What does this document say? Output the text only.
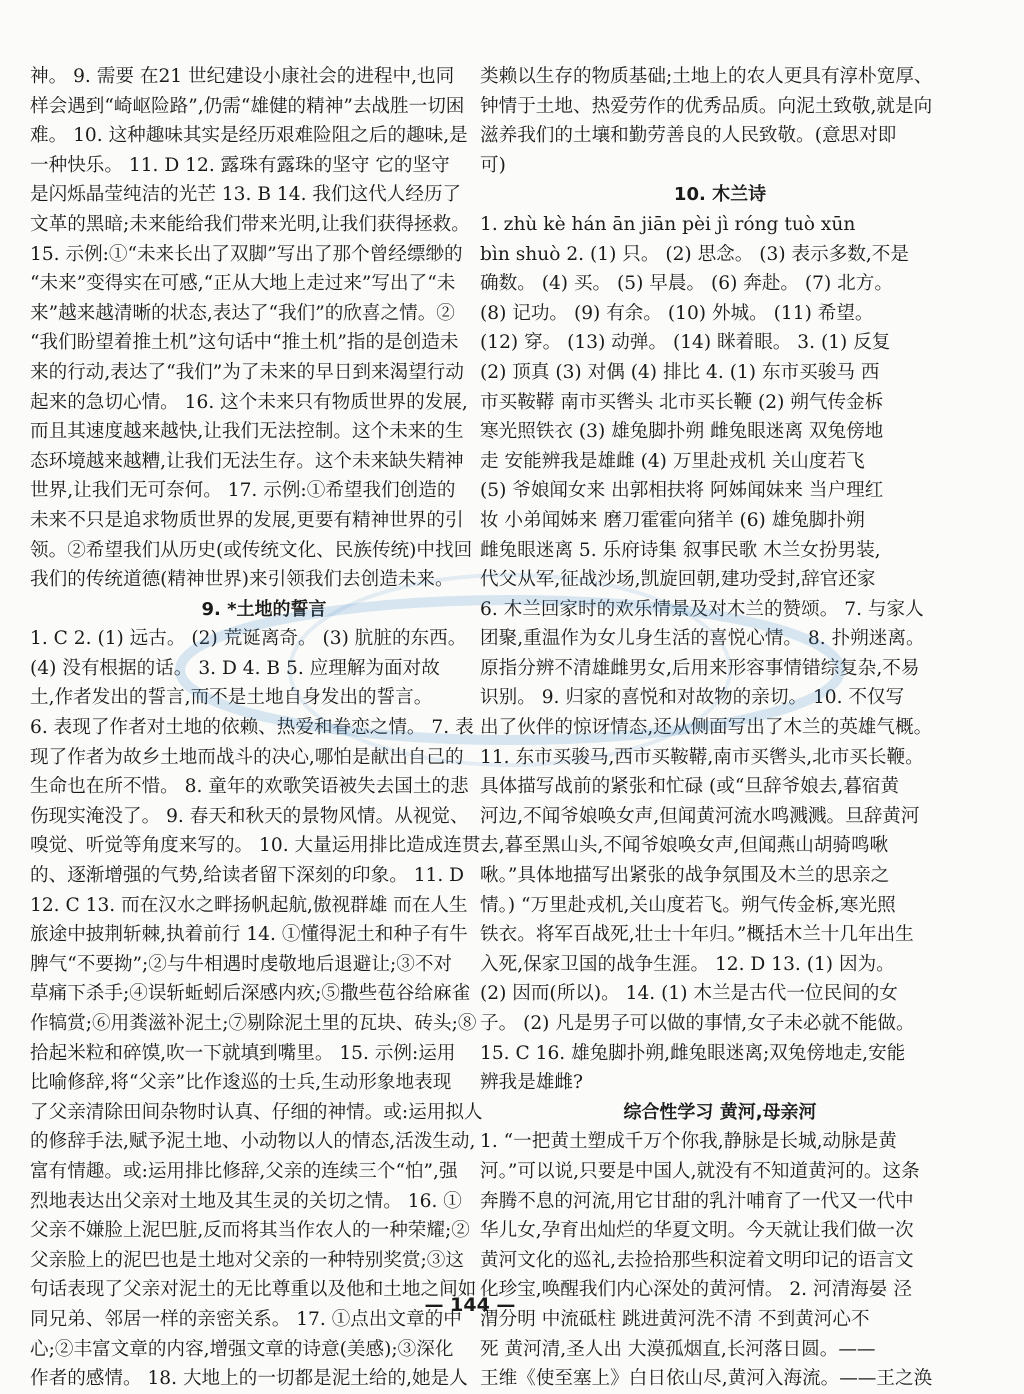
神。 9. 需要 在21 世纪建设小康社会的进程中,也同
样会遇到“崎岖险路”,仍需“雄健的精神”去战胜一切困
难。 10. 这种趣味其实是经历艰难险阻之后的趣味,是
一种快乐。 11. D 12. 露珠有露珠的坚守 它的坚守
是闪烁晶莹纯洁的光芒 13. B 14. 我们这代人经历了
文革的黑暗;未来能给我们带来光明,让我们获得拯救。
15. 示例:①“未来长出了双脚”写出了那个曾经缥缈的
“未来”变得实在可感,“正从大地上走过来”写出了“未
来”越来越清晰的状态,表达了“我们”的欣喜之情。②
“我们盼望着推土机”这句话中“推土机”指的是创造未
来的行动,表达了“我们”为了未来的早日到来渴望行动
起来的急切心情。 16. 这个未来只有物质世界的发展,
而且其速度越来越快,让我们无法控制。这个未来的生
态环境越来越糟,让我们无法生存。这个未来缺失精神
世界,让我们无可奈何。 17. 示例:①希望我们创造的
未来不只是追求物质世界的发展,更要有精神世界的引
领。②希望我们从历史(或传统文化、民族传统)中找回
我们的传统道德(精神世界)来引领我们去创造未来。
9. *土地的誓言
1. C 2. (1) 远古。 (2) 荒诞离奇。 (3) 肮脏的东西。
(4) 没有根据的话。 3. D 4. B 5. 应理解为面对故
土,作者发出的誓言,而不是土地自身发出的誓言。
6. 表现了作者对土地的依赖、热爱和眷恋之情。 7. 表
现了作者为故乡土地而战斗的决心,哪怕是献出自己的
生命也在所不惜。 8. 童年的欢歌笑语被失去国土的悲
伤现实淹没了。 9. 春天和秋天的景物风情。从视觉、
嗅觉、听觉等角度来写的。 10. 大量运用排比造成连贯
的、逐渐增强的气势,给读者留下深刻的印象。 11. D
12. C 13. 而在汉水之畔扬帆起航,傲视群雄 而在人生
旅途中披荆斩棘,执着前行 14. ①懂得泥土和种子有牛
脾气“不要拗”;②与牛相遇时虔敬地后退避让;③不对
草痛下杀手;④误斩蚯蚓后深感内疚;⑤撒些苞谷给麻雀
作犒赏;⑥用粪滋补泥土;⑦剔除泥土里的瓦块、砖头;⑧
拾起米粒和碎馍,吹一下就填到嘴里。 15. 示例:运用
比喻修辞,将“父亲”比作逡巡的士兵,生动形象地表现
了父亲清除田间杂物时认真、仔细的神情。或:运用拟人
的修辞手法,赋予泥土地、小动物以人的情态,活泼生动,
富有情趣。或:运用排比修辞,父亲的连续三个“怕”,强
烈地表达出父亲对土地及其生灵的关切之情。 16. ①
父亲不嫌脸上泥巴脏,反而将其当作农人的一种荣耀;②
父亲脸上的泥巴也是土地对父亲的一种特别奖赏;③这
句话表现了父亲对泥土的无比尊重以及他和土地之间如
同兄弟、邻居一样的亲密关系。 17. ①点出文章的中
心;②丰富文章的内容,增强文章的诗意(美感);③深化
作者的感情。 18. 大地上的一切都是泥土给的,她是人
类赖以生存的物质基础;土地上的农人更具有淳朴宽厚、
钟情于土地、热爱劳作的优秀品质。向泥土致敬,就是向
滋养我们的土壤和勤劳善良的人民致敬。(意思对即
可)
10. 木兰诗
1. zhù kè hán ān jiān pèi jì róng tuò xūn
bìn shuò 2. (1) 只。 (2) 思念。 (3) 表示多数,不是
确数。 (4) 买。 (5) 早晨。 (6) 奔赴。 (7) 北方。
(8) 记功。 (9) 有余。 (10) 外城。 (11) 希望。
(12) 穿。 (13) 动弹。 (14) 眯着眼。 3. (1) 反复
(2) 顶真 (3) 对偶 (4) 排比 4. (1) 东市买骏马 西
市买鞍鞯 南市买辔头 北市买长鞭 (2) 朔气传金柝
寒光照铁衣 (3) 雄兔脚扑朔 雌兔眼迷离 双兔傍地
走 安能辨我是雄雌 (4) 万里赴戎机 关山度若飞
(5) 爷娘闻女来 出郭相扶将 阿姊闻妹来 当户理红
妆 小弟闻姊来 磨刀霍霍向猪羊 (6) 雄兔脚扑朔
雌兔眼迷离 5. 乐府诗集 叙事民歌 木兰女扮男装,
代父从军,征战沙场,凯旋回朝,建功受封,辞官还家
6. 木兰回家时的欢乐情景及对木兰的赞颂。 7. 与家人
团聚,重温作为女儿身生活的喜悦心情。 8. 扑朔迷离。
原指分辨不清雄雌男女,后用来形容事情错综复杂,不易
识别。 9. 归家的喜悦和对故物的亲切。 10. 不仅写
出了伙伴的惊讶情态,还从侧面写出了木兰的英雄气概。
11. 东市买骏马,西市买鞍鞯,南市买辔头,北市买长鞭。
具体描写战前的紧张和忙碌 (或“旦辞爷娘去,暮宿黄
河边,不闻爷娘唤女声,但闻黄河流水鸣溅溅。旦辞黄河
去,暮至黑山头,不闻爷娘唤女声,但闻燕山胡骑鸣啾
啾。”具体地描写出紧张的战争氛围及木兰的思亲之
情。) “万里赴戎机,关山度若飞。朔气传金柝,寒光照
铁衣。将军百战死,壮士十年归。”概括木兰十几年出生
入死,保家卫国的战争生涯。 12. D 13. (1) 因为。
(2) 因而(所以)。 14. (1) 木兰是古代一位民间的女
子。 (2) 凡是男子可以做的事情,女子未必就不能做。
15. C 16. 雄兔脚扑朔,雌兔眼迷离;双兔傍地走,安能
辨我是雄雌?
综合性学习 黄河,母亲河
1. “一把黄土塑成千万个你我,静脉是长城,动脉是黄
河。”可以说,只要是中国人,就没有不知道黄河的。这条
奔腾不息的河流,用它甘甜的乳汁哺育了一代又一代中
华儿女,孕育出灿烂的华夏文明。今天就让我们做一次
黄河文化的巡礼,去捡拾那些积淀着文明印记的语言文
化珍宝,唤醒我们内心深处的黄河情。 2. 河清海晏 泾
渭分明 中流砥柱 跳进黄河洗不清 不到黄河心不
死 黄河清,圣人出 大漠孤烟直,长河落日圆。——
王维《使至塞上》白日依山尽,黄河入海流。——王之涣
— 144 —
